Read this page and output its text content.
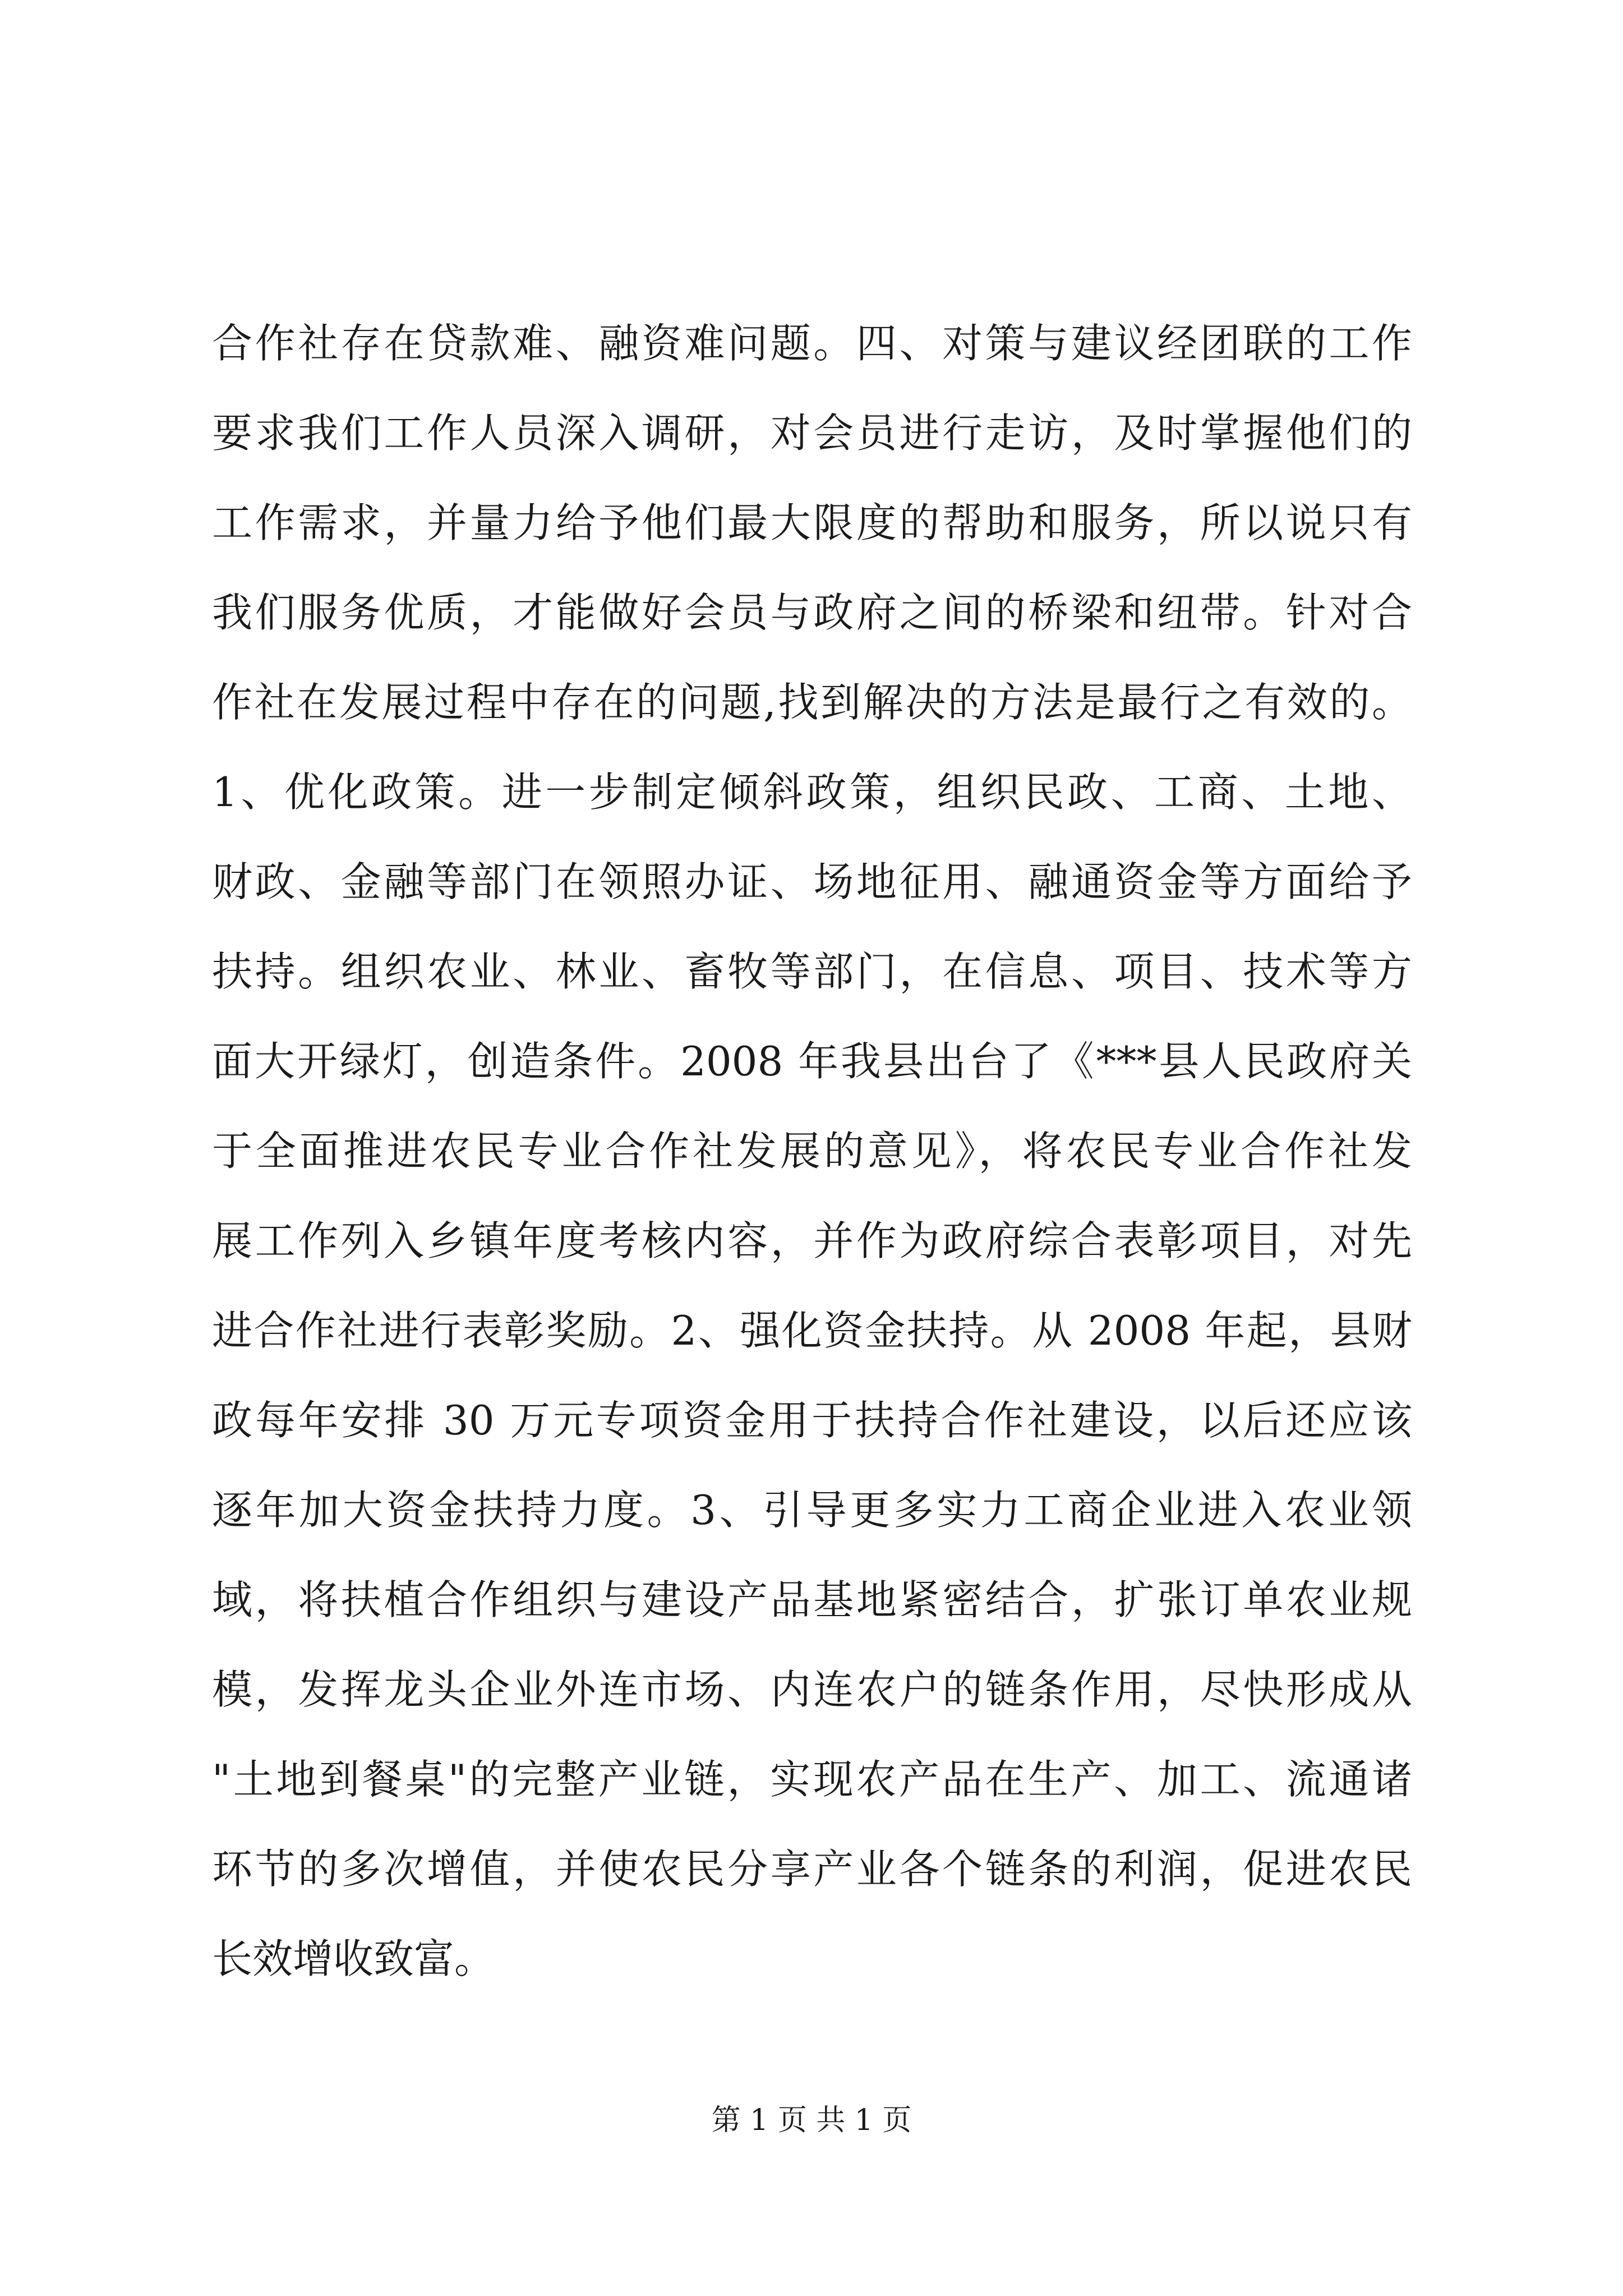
合作社存在贷款难、融资难问题。四、对策与建议经团联的工作
要求我们工作人员深入调研，对会员进行走访，及时掌握他们的
工作需求，并量力给予他们最大限度的帮助和服务，所以说只有
我们服务优质，才能做好会员与政府之间的桥梁和纽带。针对合
作社在发展过程中存在的问题,找到解决的方法是最行之有效的。
1、优化政策。进一步制定倾斜政策，组织民政、工商、土地、
财政、金融等部门在领照办证、场地征用、融通资金等方面给予
扶持。组织农业、林业、畜牧等部门，在信息、项目、技术等方
面大开绿灯，创造条件。2008 年我县出台了《***县人民政府关
于全面推进农民专业合作社发展的意见》，将农民专业合作社发
展工作列入乡镇年度考核内容，并作为政府综合表彰项目，对先
进合作社进行表彰奖励。2、强化资金扶持。从 2008 年起，县财
政每年安排 30 万元专项资金用于扶持合作社建设，以后还应该
逐年加大资金扶持力度。3、引导更多实力工商企业进入农业领
域，将扶植合作组织与建设产品基地紧密结合，扩张订单农业规
模，发挥龙头企业外连市场、内连农户的链条作用，尽快形成从
"土地到餐桌"的完整产业链，实现农产品在生产、加工、流通诸
环节的多次增值，并使农民分享产业各个链条的利润，促进农民
长效增收致富。
第 1 页 共 1 页
